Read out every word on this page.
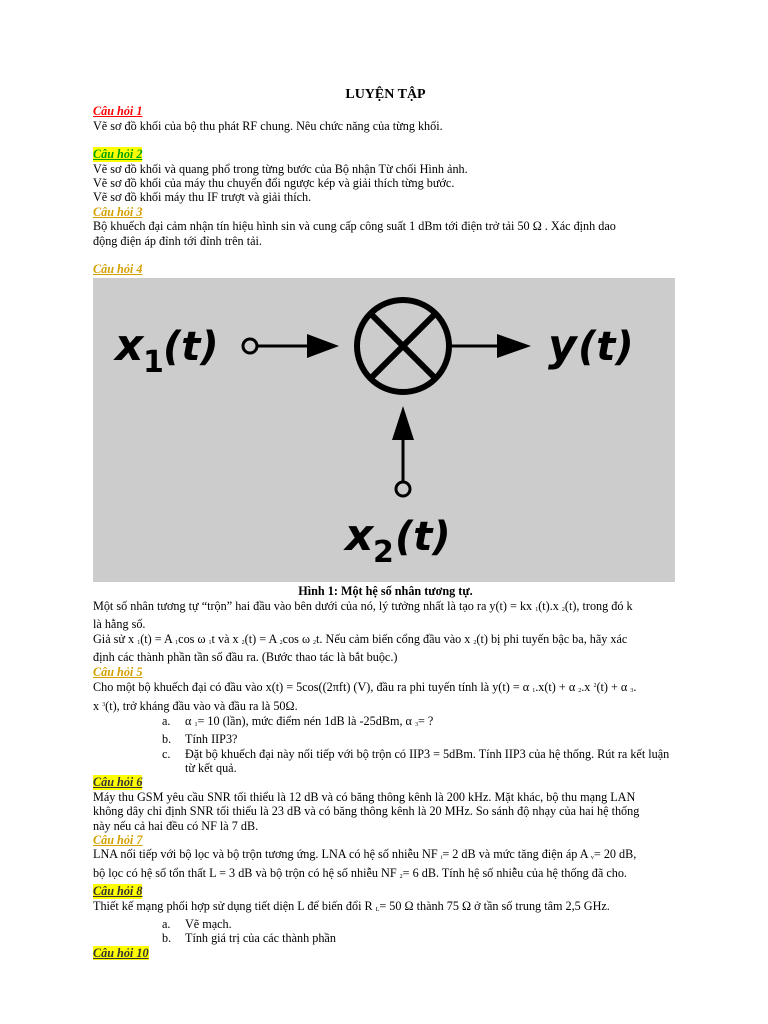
LUYỆN TẬP
Câu hỏi 1

Vẽ sơ đồ khối của bộ thu phát RF chung. Nêu chức năng của từng khối.

Câu hỏi 2

Vẽ sơ đồ khối và quang phổ trong từng bước của Bộ nhận Từ chối Hình ảnh.

Vẽ sơ đồ khối của máy thu chuyển đổi ngược kép và giải thích từng bước.

Vẽ sơ đồ khối máy thu IF trượt và giải thích.

Câu hỏi 3

Bộ khuếch đại cảm nhận tín hiệu hình sin và cung cấp công suất 1 dBm tới điện trở tải 50 Ω . Xác định dao

động điện áp đỉnh tới đỉnh trên tải.

Câu hỏi 4
x 1 (t)	y (t)
x 2 (t)
Hình 1: Một hệ số nhân tương tự.

Một số nhân tương tự “trộn” hai đầu vào bên dưới của nó, lý tưởng nhất là tạo ra y(t) = kx $_1$(t).x $_2$(t), trong đó k

là hằng số.

Giả sử x $_1$(t) = A $_1$cos ω $_1$t và x $_2$(t) = A $_2$cos ω $_2$t. Nếu cảm biến cổng đầu vào x $_2$(t) bị phi tuyến bậc ba, hãy xác

định các thành phần tần số đầu ra. (Bước thao tác là bắt buộc.)

Câu hỏi 5

Cho một bộ khuếch đại có đầu vào x(t) = 5cos((2πft) (V), đầu ra phi tuyến tính là y(t) = α $_1$.x(t) + α $_2$.x $^2$(t) + α $_3$.

x $^3$(t), trở kháng đầu vào và đầu ra là 50Ω.

a. α $_1$= 10 (lần), mức điểm nén 1dB là -25dBm, α $_3$= ?

b. Tính IIP3?

c. Đặt bộ khuếch đại này nối tiếp với bộ trộn có IIP3 = 5dBm. Tính IIP3 của hệ thống. Rút ra kết luận từ kết quả.

Câu hỏi 6

Máy thu GSM yêu cầu SNR tối thiểu là 12 dB và có băng thông kênh là 200 kHz. Mặt khác, bộ thu mạng LAN

không dây chỉ định SNR tối thiểu là 23 dB và có băng thông kênh là 20 MHz. So sánh độ nhạy của hai hệ thống

này nếu cả hai đều có NF là 7 dB.

Câu hỏi 7

LNA nối tiếp với bộ lọc và bộ trộn tương ứng. LNA có hệ số nhiễu NF $_i$= 2 dB và mức tăng điện áp A $_v$= 20 dB,

bộ lọc có hệ số tổn thất L = 3 dB và bộ trộn có hệ số nhiễu NF $_2$= 6 dB. Tính hệ số nhiễu của hệ thống đã cho.

Câu hỏi 8

Thiết kế mạng phối hợp sử dụng tiết diện L để biến đổi R $_L$= 50 Ω thành 75 Ω ở tần số trung tâm 2,5 GHz.

a. Vẽ mạch.

b. Tính giá trị của các thành phần

Câu hỏi 10
